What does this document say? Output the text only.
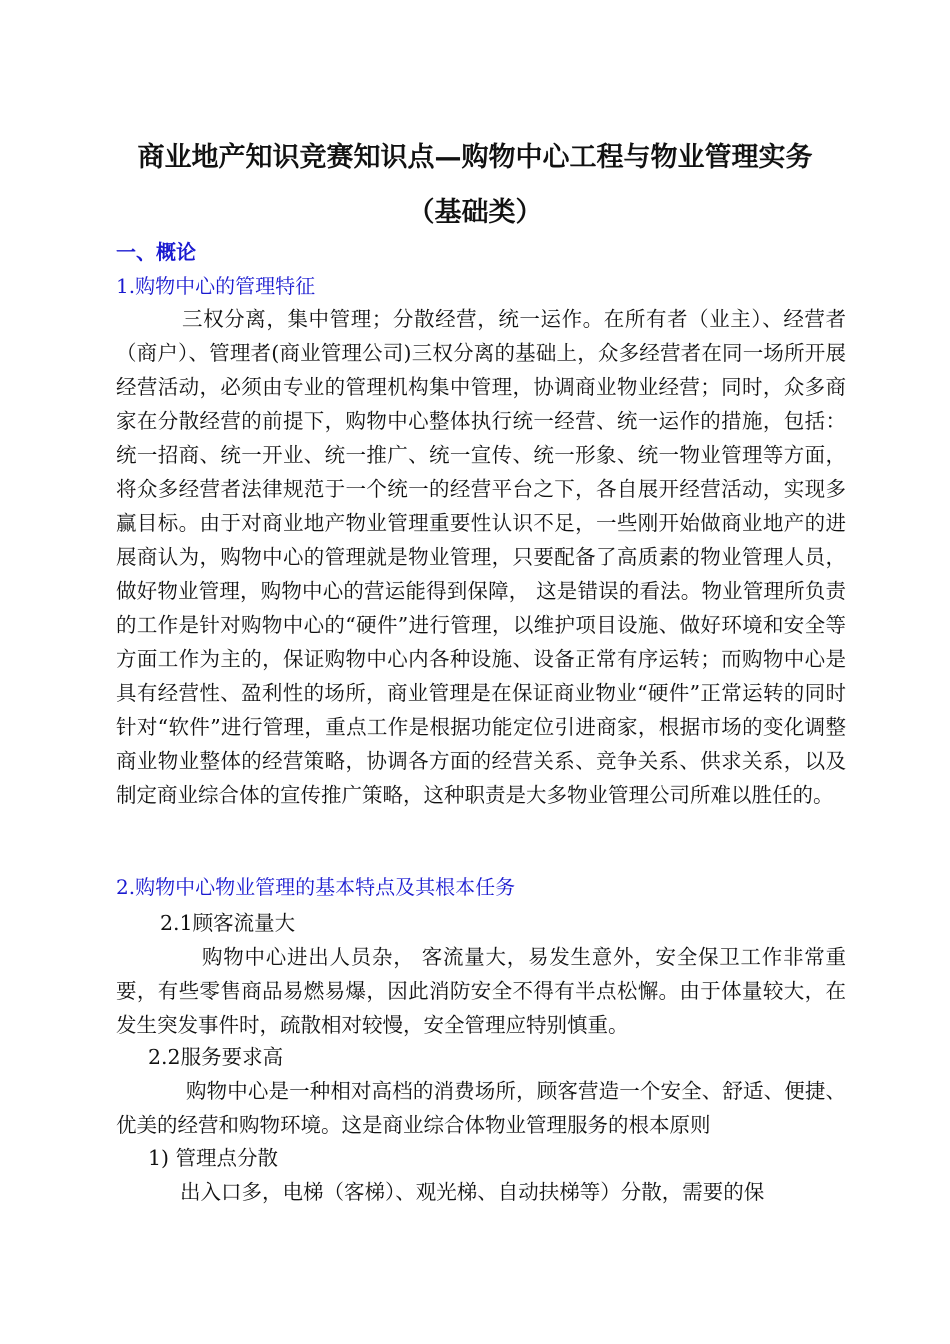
商业地产知识竞赛知识点—购物中心工程与物业管理实务
（基础类）
一、概论
1.购物中心的管理特征

三权分离，集中管理；分散经营，统一运作。在所有者（业主）、经营者（商户）、管理者(商业管理公司)三权分离的基础上，众多经营者在同一场所开展经营活动，必须由专业的管理机构集中管理，协调商业物业经营；同时，众多商家在分散经营的前提下，购物中心整体执行统一经营、统一运作的措施，包括：统一招商、统一开业、统一推广、统一宣传、统一形象、统一物业管理等方面，将众多经营者法律规范于一个统一的经营平台之下，各自展开经营活动，实现多赢目标。由于对商业地产物业管理重要性认识不足，一些刚开始做商业地产的进展商认为，购物中心的管理就是物业管理，只要配备了高质素的物业管理人员，做好物业管理，购物中心的营运能得到保障， 这是错误的看法。物业管理所负责的工作是针对购物中心的“硬件”进行管理，以维护项目设施、做好环境和安全等方面工作为主的，保证购物中心内各种设施、设备正常有序运转；而购物中心是具有经营性、盈利性的场所，商业管理是在保证商业物业“硬件”正常运转的同时针对“软件”进行管理，重点工作是根据功能定位引进商家，根据市场的变化调整商业物业整体的经营策略，协调各方面的经营关系、竞争关系、供求关系，以及制定商业综合体的宣传推广策略，这种职责是大多物业管理公司所难以胜任的。

2.购物中心物业管理的基本特点及其根本任务
2.1顾客流量大

购物中心进出人员杂， 客流量大，易发生意外，安全保卫工作非常重要，有些零售商品易燃易爆，因此消防安全不得有半点松懈。由于体量较大，在发生突发事件时，疏散相对较慢，安全管理应特别慎重。

2.2服务要求高

购物中心是一种相对高档的消费场所，顾客营造一个安全、舒适、便捷、优美的经营和购物环境。这是商业综合体物业管理服务的根本原则

1) 管理点分散

出入口多，电梯（客梯）、观光梯、自动扶梯等）分散，需要的保
